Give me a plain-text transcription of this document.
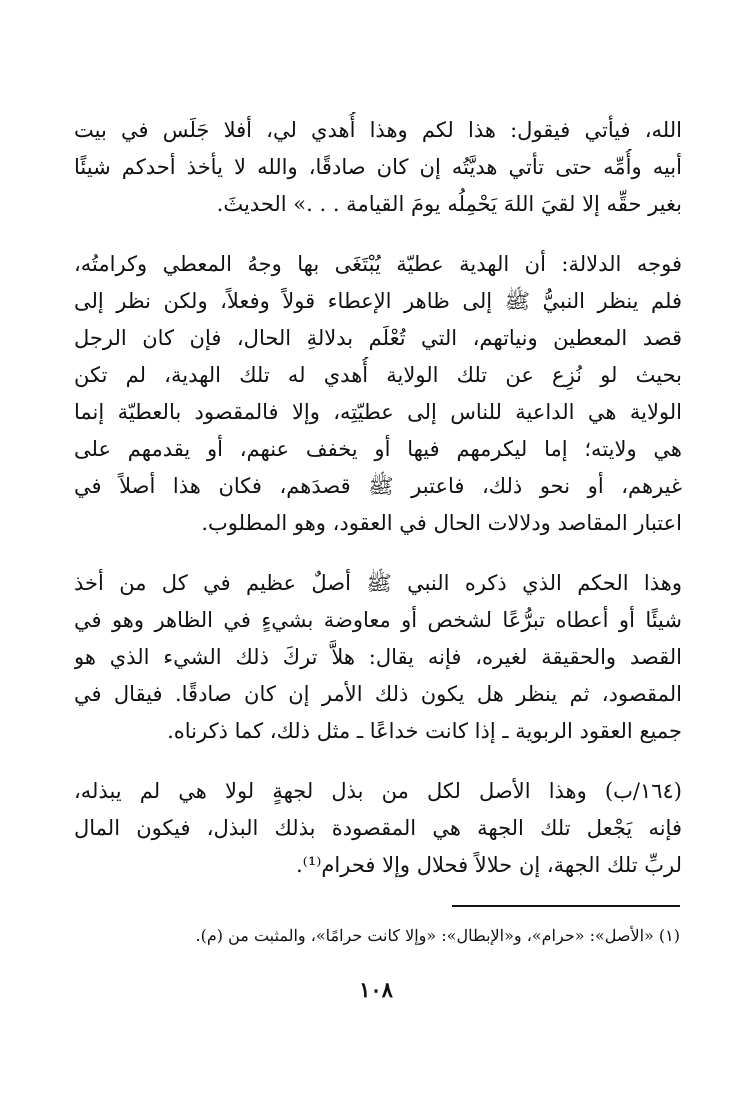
الله، فيأتي فيقول: هذا لكم وهذا أُهدي لي، أفلا جَلَس في بيت
أبيه وأُمِّه حتى تأتي هديَّتُه إن كان صادقًا، والله لا يأخذ أحدكم شيئًا
بغير حقِّه إلا لقيَ اللهَ يَحْمِلُه يومَ القيامة . . .» الحديثَ.
فوجه الدلالة: أن الهدية عطيّة يُبْتَغَى بها وجهُ المعطي وكرامتُه،
فلم ينظر النبيُّ ﷺ إلى ظاهر الإعطاء قولاً وفعلاً، ولكن نظر إلى
قصد المعطين ونياتهم، التي تُعْلَم بدلالةِ الحال، فإن كان الرجل
بحيث لو نُزِع عن تلك الولاية أُهدي له تلك الهدية، لم تكن
الولاية هي الداعية للناس إلى عطيّتِه، وإلا فالمقصود بالعطيّة إنما
هي ولايته؛ إما ليكرمهم فيها أو يخفف عنهم، أو يقدمهم على
غيرهم، أو نحو ذلك، فاعتبر ﷺ قصدَهم، فكان هذا أصلاً في
اعتبار المقاصد ودلالات الحال في العقود، وهو المطلوب.
وهذا الحكم الذي ذكره النبي ﷺ أصلٌ عظيم في كل من أخذ
شيئًا أو أعطاه تبرُّعًا لشخص أو معاوضة بشيءٍ في الظاهر وهو في
القصد والحقيقة لغيره، فإنه يقال: هلاَّ تركَ ذلك الشيء الذي هو
المقصود، ثم ينظر هل يكون ذلك الأمر إن كان صادقًا. فيقال في
جميع العقود الربوية ـ إذا كانت خداعًا ـ مثل ذلك، كما ذكرناه.
(١٦٤/ب) وهذا الأصل لكل من بذل لجهةٍ لولا هي لم يبذله،
فإنه يَجْعل تلك الجهة هي المقصودة بذلك البذل، فيكون المال
لربِّ تلك الجهة، إن حلالاً فحلال وإلا فحرام⁽¹⁾.
(١) «الأصل»: «حرام»، و«الإبطال»: «وإلا كانت حرامًا»، والمثبت من (م).
١٠٨
